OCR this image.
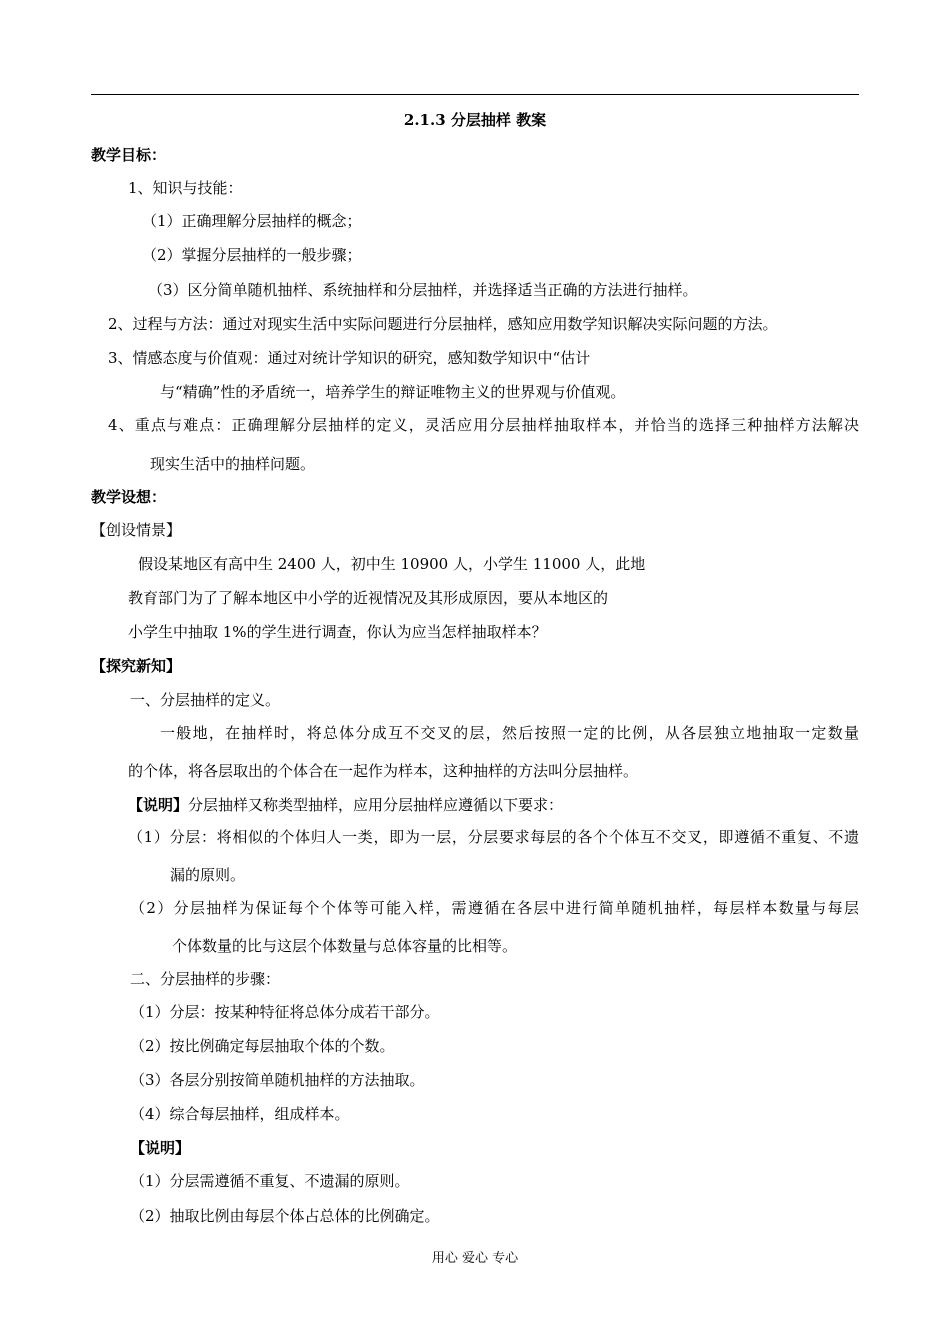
2.1.3 分层抽样 教案
教学目标：
1、知识与技能：
（1）正确理解分层抽样的概念；
（2）掌握分层抽样的一般步骤；
（3）区分简单随机抽样、系统抽样和分层抽样，并选择适当正确的方法进行抽样。
2、过程与方法：通过对现实生活中实际问题进行分层抽样，感知应用数学知识解决实际问题的方法。
3、情感态度与价值观：通过对统计学知识的研究，感知数学知识中“估计
与“精确”性的矛盾统一，培养学生的辩证唯物主义的世界观与价值观。
4、重点与难点：正确理解分层抽样的定义，灵活应用分层抽样抽取样本，并恰当的选择三种抽样方法解决
现实生活中的抽样问题。
教学设想：
【创设情景】
假设某地区有高中生 2400 人，初中生 10900 人，小学生 11000 人，此地
教育部门为了了解本地区中小学的近视情况及其形成原因，要从本地区的
小学生中抽取 1%的学生进行调查，你认为应当怎样抽取样本？
【探究新知】
一、分层抽样的定义。
一般地，在抽样时，将总体分成互不交叉的层，然后按照一定的比例，从各层独立地抽取一定数量
的个体，将各层取出的个体合在一起作为样本，这种抽样的方法叫分层抽样。
【说明】分层抽样又称类型抽样，应用分层抽样应遵循以下要求：
（1）分层：将相似的个体归人一类，即为一层，分层要求每层的各个个体互不交叉，即遵循不重复、不遗
漏的原则。
（2）分层抽样为保证每个个体等可能入样，需遵循在各层中进行简单随机抽样，每层样本数量与每层
个体数量的比与这层个体数量与总体容量的比相等。
二、分层抽样的步骤：
（1）分层：按某种特征将总体分成若干部分。
（2）按比例确定每层抽取个体的个数。
（3）各层分别按简单随机抽样的方法抽取。
（4）综合每层抽样，组成样本。
【说明】
（1）分层需遵循不重复、不遗漏的原则。
（2）抽取比例由每层个体占总体的比例确定。
用心 爱心 专心
